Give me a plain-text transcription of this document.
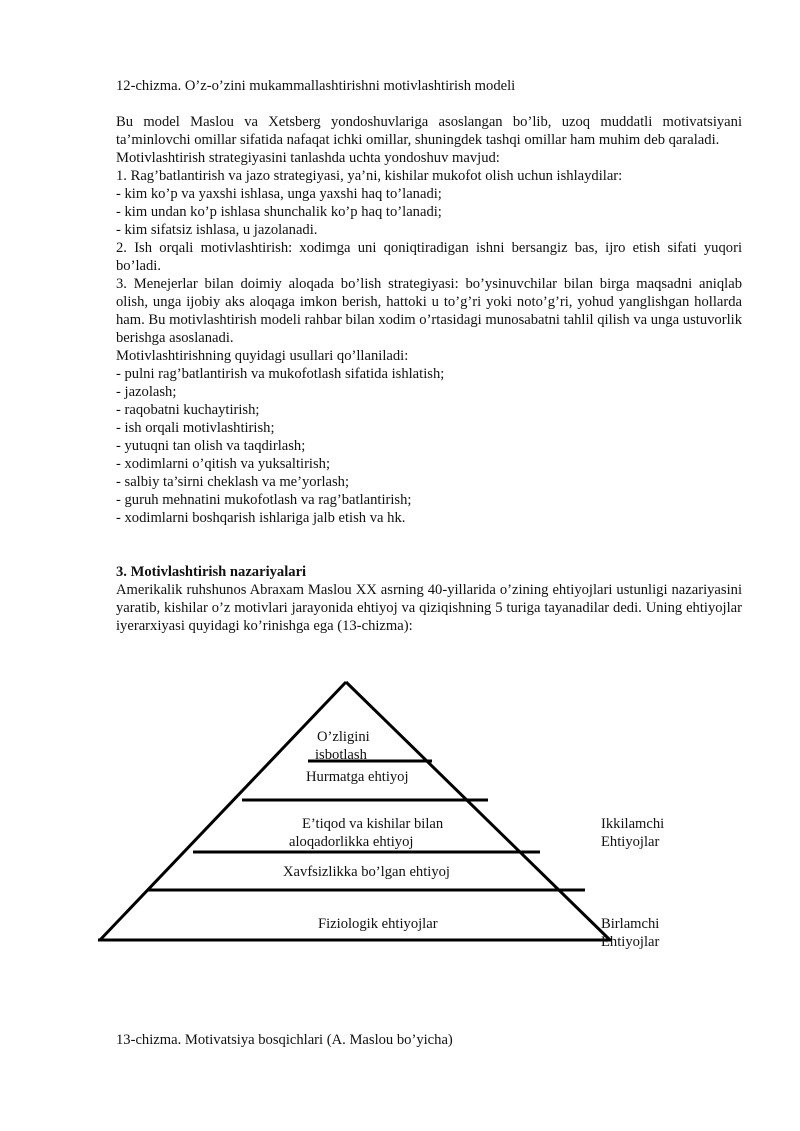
12-chizma. O’z-o’zini mukammallashtirishni motivlashtirish modeli

Bu model Maslou va Xetsberg yondoshuvlariga asoslangan bo’lib, uzoq muddatli motivatsiyani ta’minlovchi omillar sifatida nafaqat ichki omillar, shuningdek tashqi omillar ham muhim deb qaraladi.

Motivlashtirish strategiyasini tanlashda uchta yondoshuv mavjud:

1. Rag’batlantirish va jazo strategiyasi, ya’ni, kishilar mukofot olish uchun ishlaydilar:

- kim ko’p va yaxshi ishlasa, unga yaxshi haq to’lanadi;

- kim undan ko’p ishlasa shunchalik ko’p haq to’lanadi;

- kim sifatsiz ishlasa, u jazolanadi.

2. Ish orqali motivlashtirish: xodimga uni qoniqtiradigan ishni bersangiz bas, ijro etish sifati yuqori bo’ladi.

3. Menejerlar bilan doimiy aloqada bo’lish strategiyasi: bo’ysinuvchilar bilan birga maqsadni aniqlab olish, unga ijobiy aks aloqaga imkon berish, hattoki u to’g’ri yoki noto’g’ri, yohud yanglishgan hollarda ham. Bu motivlashtirish modeli rahbar bilan xodim o’rtasidagi munosabatni tahlil qilish va unga ustuvorlik berishga asoslanadi.

Motivlashtirishning quyidagi usullari qo’llaniladi:

- pulni rag’batlantirish va mukofotlash sifatida ishlatish;

- jazolash;

- raqobatni kuchaytirish;

- ish orqali motivlashtirish;

- yutuqni tan olish va taqdirlash;

- xodimlarni o’qitish va yuksaltirish;

- salbiy ta’sirni cheklash va me’yorlash;

- guruh mehnatini mukofotlash va rag’batlantirish;

- xodimlarni boshqarish ishlariga jalb etish va hk.

3. Motivlashtirish nazariyalari

Amerikalik ruhshunos Abraxam Maslou XX asrning 40-yillarida o’zining ehtiyojlari ustunligi nazariyasini yaratib, kishilar o’z motivlari jarayonida ehtiyoj va qiziqishning 5 turiga tayanadilar dedi. Uning ehtiyojlar iyerarxiyasi quyidagi ko’rinishga ega (13-chizma):

O’zligini
isbotlash
Hurmatga ehtiyoj
E’tiqod va kishilar bilan
aloqadorlikka ehtiyoj
Xavfsizlikka bo’lgan ehtiyoj
Fiziologik ehtiyojlar
Ikkilamchi
Ehtiyojlar
Birlamchi
Ehtiyojlar

13-chizma. Motivatsiya bosqichlari (A. Maslou bo’yicha)
